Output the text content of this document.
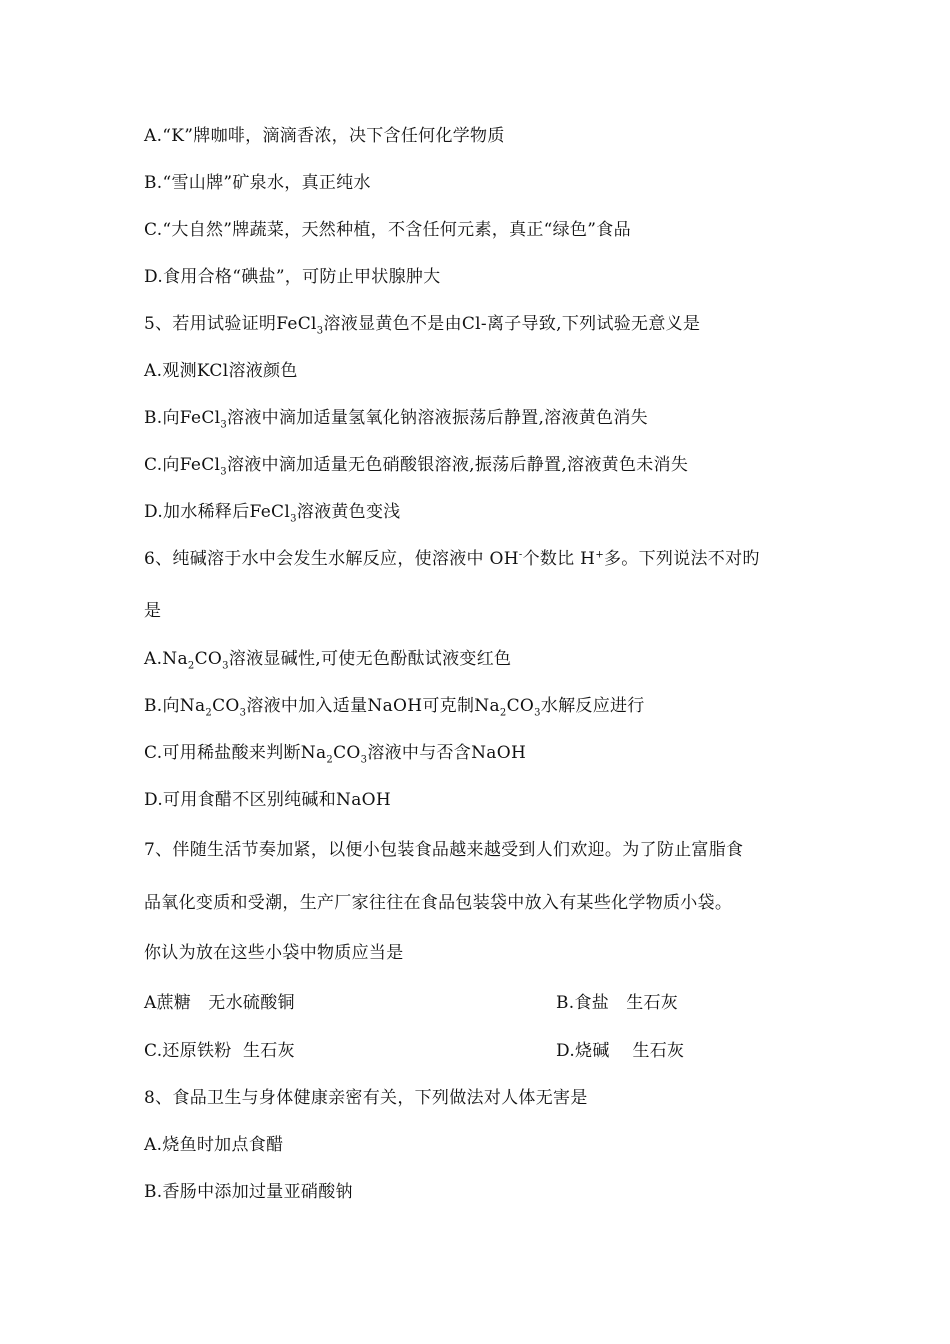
A.“K”牌咖啡，滴滴香浓，决下含任何化学物质
B.“雪山牌”矿泉水，真正纯水
C.“大自然”牌蔬菜，天然种植，不含任何元素，真正“绿色”食品
D.食用合格“碘盐”，可防止甲状腺肿大
5、若用试验证明FeCl$_3$溶液显黄色不是由Cl-离子导致,下列试验无意义是
A.观测KCl溶液颜色
B.向FeCl$_3$溶液中滴加适量氢氧化钠溶液振荡后静置,溶液黄色消失
C.向FeCl$_3$溶液中滴加适量无色硝酸银溶液,振荡后静置,溶液黄色未消失
D.加水稀释后FeCl$_3$溶液黄色变浅
6、纯碱溶于水中会发生水解反应，使溶液中 OH-个数比 H+多。下列说法不对旳
是
$A.Na_2CO_3$溶液显碱性,可使无色酚酞试液变红色
B.向$Na_2CO_3$溶液中加入适量NaOH可克制$Na_2CO_3$水解反应进行
C.可用稀盐酸来判断$Na_2CO_3$溶液中与否含NaOH
D.可用食醋不区别纯碱和NaOH
7、伴随生活节奏加紧，以便小包装食品越来越受到人们欢迎。为了防止富脂食
品氧化变质和受潮，生产厂家往往在食品包装袋中放入有某些化学物质小袋。
你认为放在这些小袋中物质应当是
A蔗糖   无水硫酸铜	B.食盐   生石灰
C.还原铁粉  生石灰	D.烧碱    生石灰
8、食品卫生与身体健康亲密有关，下列做法对人体无害是
A.烧鱼时加点食醋
B.香肠中添加过量亚硝酸钠
